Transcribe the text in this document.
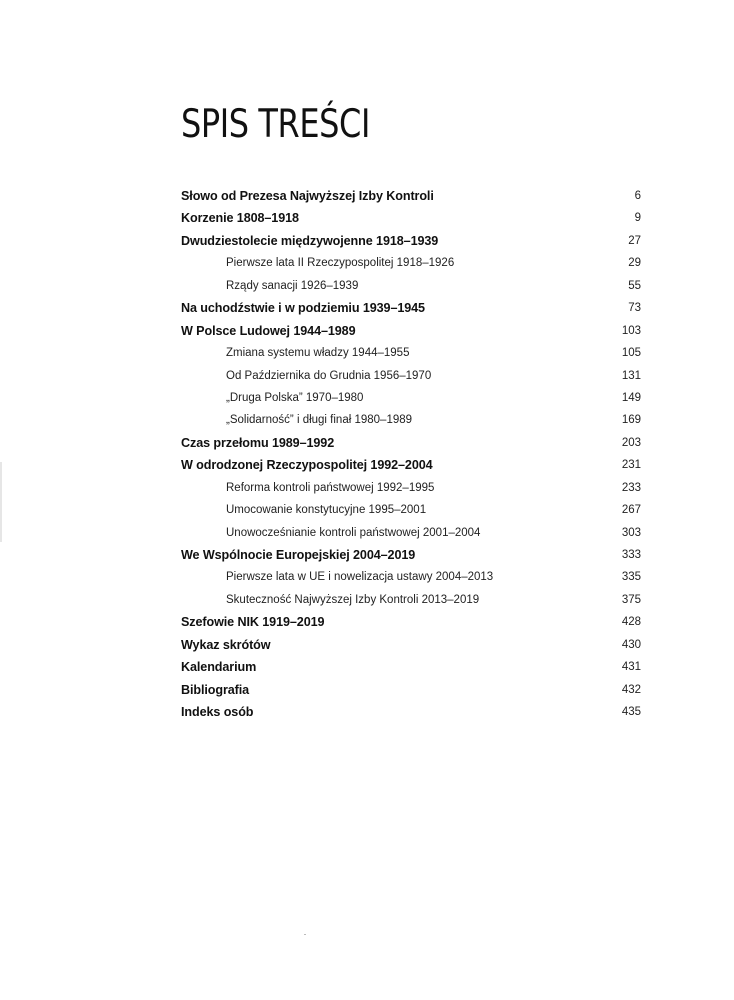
SPIS TREŚCI
Słowo od Prezesa Najwyższej Izby Kontroli	6
Korzenie 1808–1918	9
Dwudziestolecie międzywojenne 1918–1939	27
Pierwsze lata II Rzeczypospolitej 1918–1926	29
Rządy sanacji 1926–1939	55
Na uchodźstwie i w podziemiu 1939–1945	73
W Polsce Ludowej 1944–1989	103
Zmiana systemu władzy 1944–1955	105
Od Października do Grudnia 1956–1970	131
„Druga Polska” 1970–1980	149
„Solidarność” i długi finał 1980–1989	169
Czas przełomu 1989–1992	203
W odrodzonej Rzeczypospolitej 1992–2004	231
Reforma kontroli państwowej 1992–1995	233
Umocowanie konstytucyjne 1995–2001	267
Unowocześnianie kontroli państwowej 2001–2004	303
We Wspólnocie Europejskiej 2004–2019	333
Pierwsze lata w UE i nowelizacja ustawy 2004–2013	335
Skuteczność Najwyższej Izby Kontroli 2013–2019	375
Szefowie NIK 1919–2019	428
Wykaz skrótów	430
Kalendarium	431
Bibliografia	432
Indeks osób	435
